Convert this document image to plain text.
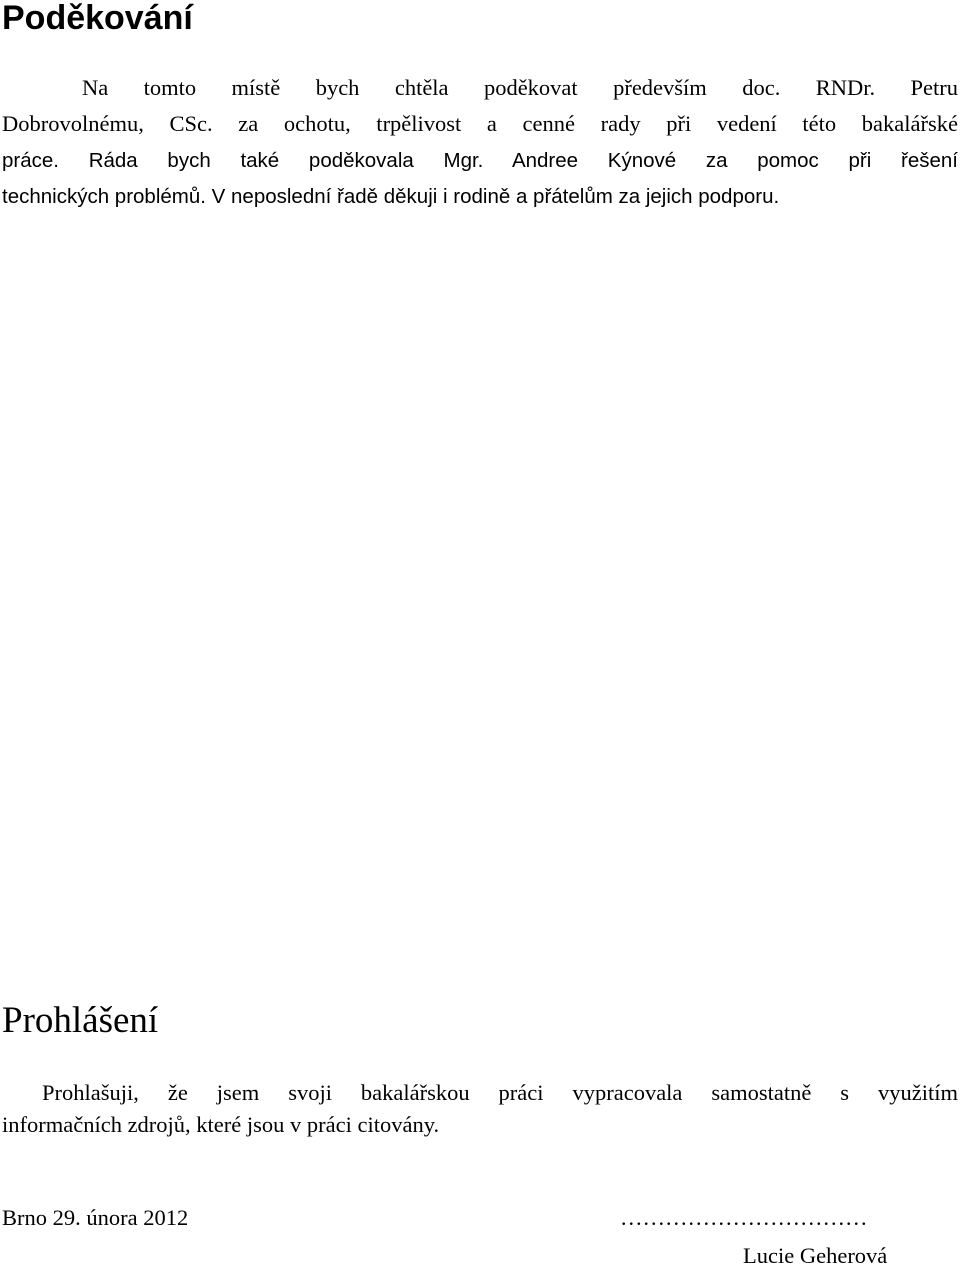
Poděkování

Na tomto místě bych chtěla poděkovat především doc. RNDr. Petru

Dobrovolnému, CSc. za ochotu, trpělivost a cenné rady při vedení této bakalářské

práce. Ráda bych také poděkovala Mgr. Andree Kýnové za pomoc při řešení

technických problémů. V neposlední řadě děkuji i rodině a přátelům za jejich podporu.

Prohlášení

Prohlašuji, že jsem svoji bakalářskou práci vypracovala samostatně s využitím

informačních zdrojů, které jsou v práci citovány.

Brno 29. února 2012	……………………………

Lucie Geherová
